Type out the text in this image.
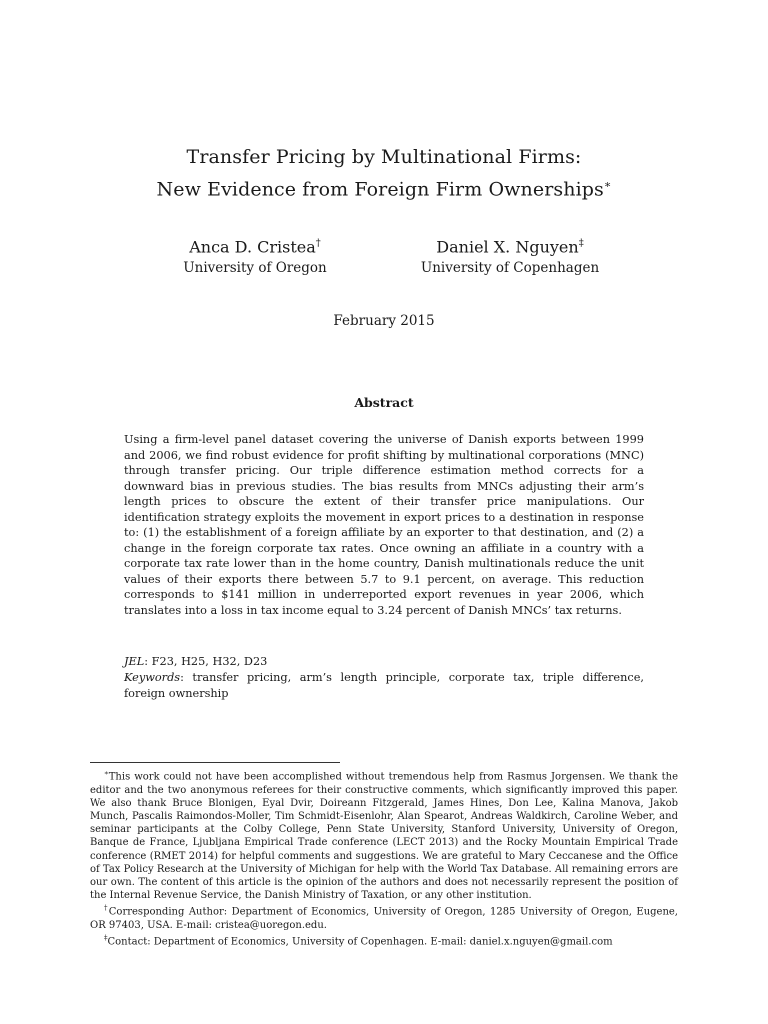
Transfer Pricing by Multinational Firms:
New Evidence from Foreign Firm Ownerships∗
Anca D. Cristea†
University of Oregon
Daniel X. Nguyen‡
University of Copenhagen
February 2015
Abstract
Using a firm-level panel dataset covering the universe of Danish exports between 1999 and 2006, we find robust evidence for profit shifting by multinational corporations (MNC) through transfer pricing. Our triple difference estimation method corrects for a downward bias in previous studies. The bias results from MNCs adjusting their arm’s length prices to obscure the extent of their transfer price manipulations. Our identification strategy exploits the movement in export prices to a destination in response to: (1) the establishment of a foreign affiliate by an exporter to that destination, and (2) a change in the foreign corporate tax rates. Once owning an affiliate in a country with a corporate tax rate lower than in the home country, Danish multinationals reduce the unit values of their exports there between 5.7 to 9.1 percent, on average. This reduction corresponds to $141 million in underreported export revenues in year 2006, which translates into a loss in tax income equal to 3.24 percent of Danish MNCs’ tax returns.
JEL: F23, H25, H32, D23
Keywords: transfer pricing, arm’s length principle, corporate tax, triple difference, foreign ownership

∗This work could not have been accomplished without tremendous help from Rasmus Jorgensen. We thank the editor and the two anonymous referees for their constructive comments, which significantly improved this paper. We also thank Bruce Blonigen, Eyal Dvir, Doireann Fitzgerald, James Hines, Don Lee, Kalina Manova, Jakob Munch, Pascalis Raimondos-Moller, Tim Schmidt-Eisenlohr, Alan Spearot, Andreas Waldkirch, Caroline Weber, and seminar participants at the Colby College, Penn State University, Stanford University, University of Oregon, Banque de France, Ljubljana Empirical Trade conference (LECT 2013) and the Rocky Mountain Empirical Trade conference (RMET 2014) for helpful comments and suggestions. We are grateful to Mary Ceccanese and the Office of Tax Policy Research at the University of Michigan for help with the World Tax Database. All remaining errors are our own. The content of this article is the opinion of the authors and does not necessarily represent the position of the Internal Revenue Service, the Danish Ministry of Taxation, or any other institution.

†Corresponding Author: Department of Economics, University of Oregon, 1285 University of Oregon, Eugene, OR 97403, USA. E-mail: cristea@uoregon.edu.

‡Contact: Department of Economics, University of Copenhagen. E-mail: daniel.x.nguyen@gmail.com
